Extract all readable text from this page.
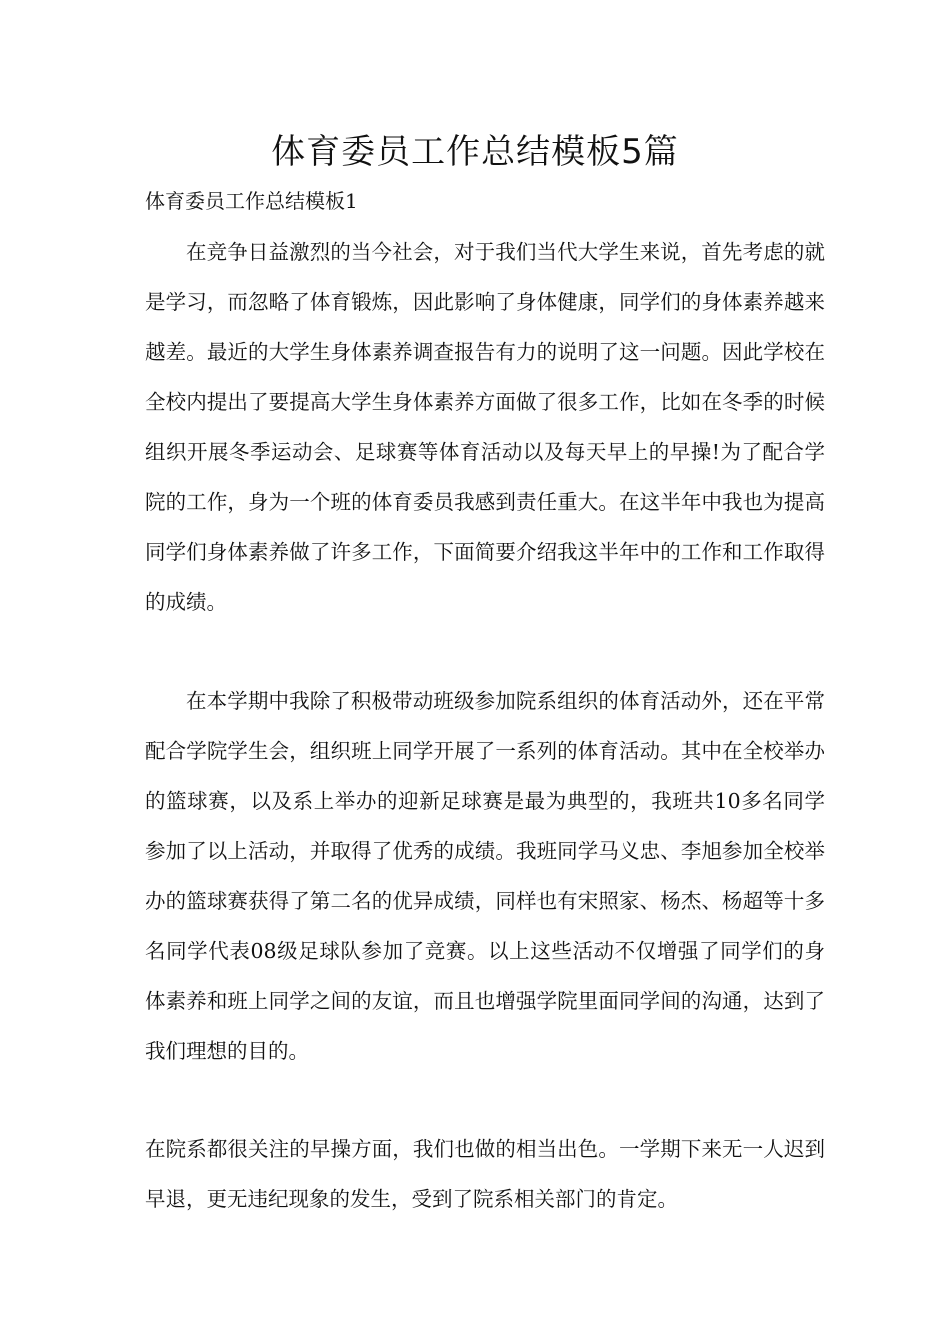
体育委员工作总结模板5篇
体育委员工作总结模板1

在竞争日益激烈的当今社会，对于我们当代大学生来说，首先考虑的就是学习，而忽略了体育锻炼，因此影响了身体健康，同学们的身体素养越来越差。最近的大学生身体素养调查报告有力的说明了这一问题。因此学校在全校内提出了要提高大学生身体素养方面做了很多工作，比如在冬季的时候组织开展冬季运动会、足球赛等体育活动以及每天早上的早操!为了配合学院的工作，身为一个班的体育委员我感到责任重大。在这半年中我也为提高同学们身体素养做了许多工作，下面简要介绍我这半年中的工作和工作取得的成绩。

在本学期中我除了积极带动班级参加院系组织的体育活动外，还在平常配合学院学生会，组织班上同学开展了一系列的体育活动。其中在全校举办的篮球赛，以及系上举办的迎新足球赛是最为典型的，我班共10多名同学参加了以上活动，并取得了优秀的成绩。我班同学马义忠、李旭参加全校举办的篮球赛获得了第二名的优异成绩，同样也有宋照家、杨杰、杨超等十多名同学代表08级足球队参加了竞赛。以上这些活动不仅增强了同学们的身体素养和班上同学之间的友谊，而且也增强学院里面同学间的沟通，达到了我们理想的目的。

在院系都很关注的早操方面，我们也做的相当出色。一学期下来无一人迟到早退，更无违纪现象的发生，受到了院系相关部门的肯定。
